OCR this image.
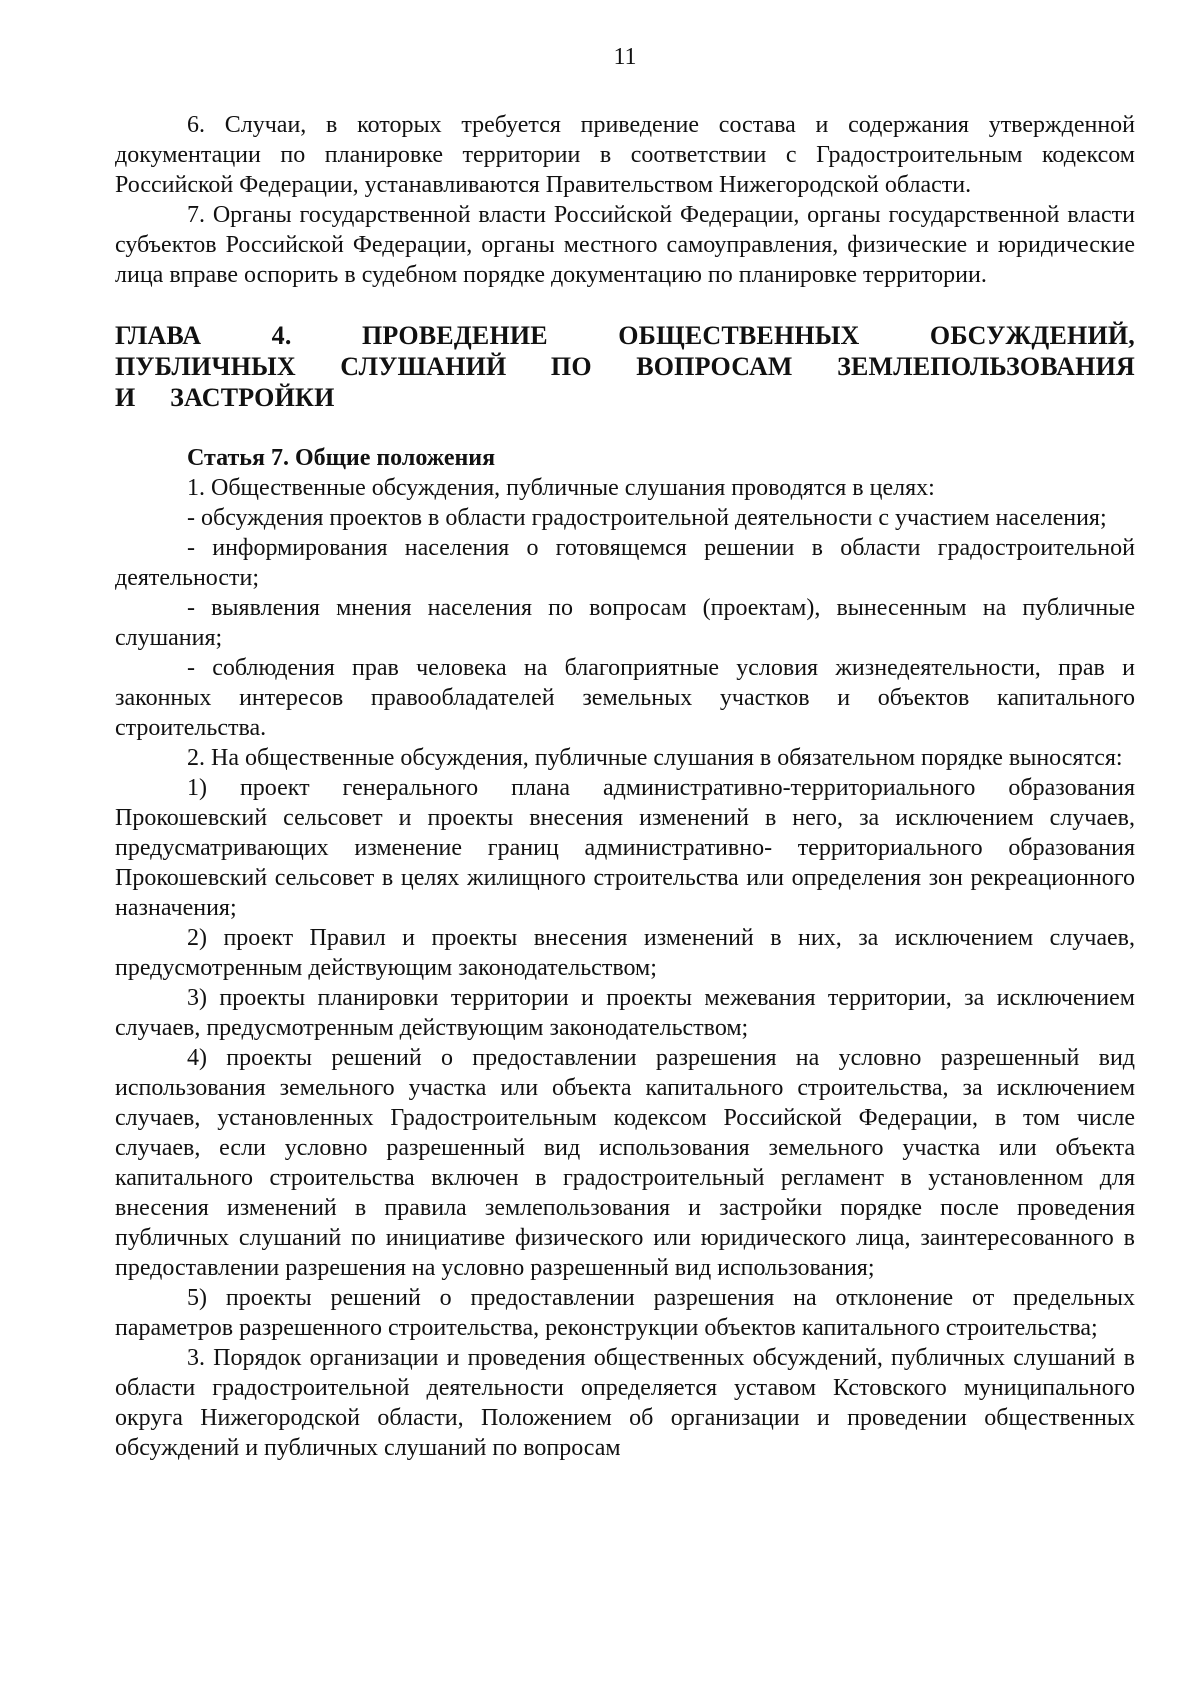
11

6. Случаи, в которых требуется приведение состава и содержания утвержденной документации по планировке территории в соответствии с Градостроительным кодексом Российской Федерации, устанавливаются Правительством Нижегородской области.

7. Органы государственной власти Российской Федерации, органы государственной власти субъектов Российской Федерации, органы местного самоуправления, физические и юридические лица вправе оспорить в судебном порядке документацию по планировке территории.

ГЛАВА 4. ПРОВЕДЕНИЕ ОБЩЕСТВЕННЫХ ОБСУЖДЕНИЙ, ПУБЛИЧНЫХ СЛУШАНИЙ ПО ВОПРОСАМ ЗЕМЛЕПОЛЬЗОВАНИЯ И ЗАСТРОЙКИ
Статья 7. Общие положения

1. Общественные обсуждения, публичные слушания проводятся в целях:

- обсуждения проектов в области градостроительной деятельности с участием населения;

- информирования населения о готовящемся решении в области градостроительной деятельности;

- выявления мнения населения по вопросам (проектам), вынесенным на публичные слушания;

- соблюдения прав человека на благоприятные условия жизнедеятельности, прав и законных интересов правообладателей земельных участков и объектов капитального строительства.

2. На общественные обсуждения, публичные слушания в обязательном порядке выносятся:

1) проект генерального плана административно-территориального образования Прокошевский сельсовет и проекты внесения изменений в него, за исключением случаев, предусматривающих изменение границ административно- территориального образования Прокошевский сельсовет в целях жилищного строительства или определения зон рекреационного назначения;

2) проект Правил и проекты внесения изменений в них, за исключением случаев, предусмотренным действующим законодательством;

3) проекты планировки территории и проекты межевания территории, за исключением случаев, предусмотренным действующим законодательством;

4) проекты решений о предоставлении разрешения на условно разрешенный вид использования земельного участка или объекта капитального строительства, за исключением случаев, установленных Градостроительным кодексом Российской Федерации, в том числе случаев, если условно разрешенный вид использования земельного участка или объекта капитального строительства включен в градостроительный регламент в установленном для внесения изменений в правила землепользования и застройки порядке после проведения публичных слушаний по инициативе физического или юридического лица, заинтересованного в предоставлении разрешения на условно разрешенный вид использования;

5) проекты решений о предоставлении разрешения на отклонение от предельных параметров разрешенного строительства, реконструкции объектов капитального строительства;

3. Порядок организации и проведения общественных обсуждений, публичных слушаний в области градостроительной деятельности определяется уставом Кстовского муниципального округа Нижегородской области, Положением об организации и проведении общественных обсуждений и публичных слушаний по вопросам
